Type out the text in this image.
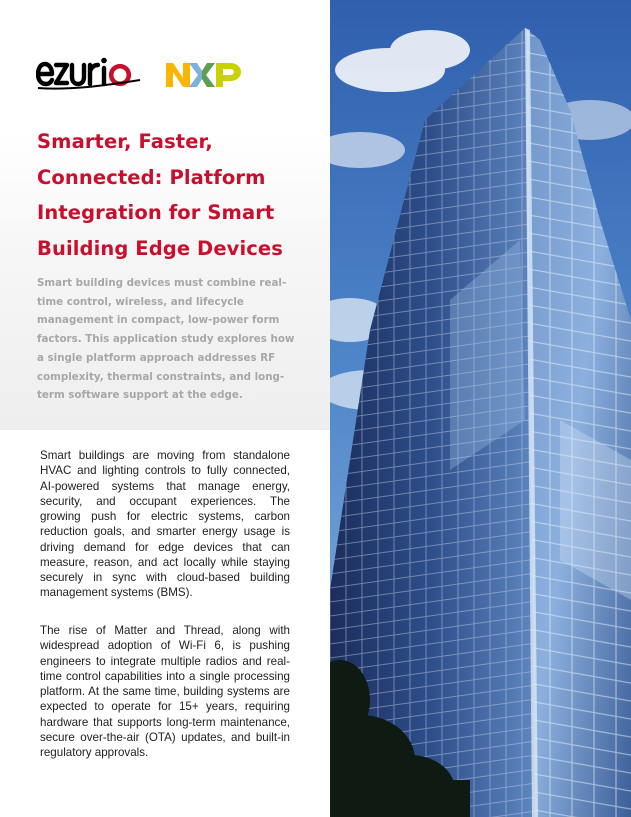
Smarter, Faster, Connected: Platform Integration for Smart Building Edge Devices

Smart building devices must combine real-time control, wireless, and lifecycle management in compact, low-power form factors. This application study explores how a single platform approach addresses RF complexity, thermal constraints, and long-term software support at the edge.

Smart buildings are moving from standalone HVAC and lighting controls to fully connected, AI-powered systems that manage energy, security, and occupant experiences. The growing push for electric systems, carbon reduction goals, and smarter energy usage is driving demand for edge devices that can measure, reason, and act locally while staying securely in sync with cloud-based building management systems (BMS).

The rise of Matter and Thread, along with widespread adoption of Wi-Fi 6, is pushing engineers to integrate multiple radios and real-time control capabilities into a single processing platform. At the same time, building systems are expected to operate for 15+ years, requiring hardware that supports long-term maintenance, secure over-the-air (OTA) updates, and built-in regulatory approvals.
